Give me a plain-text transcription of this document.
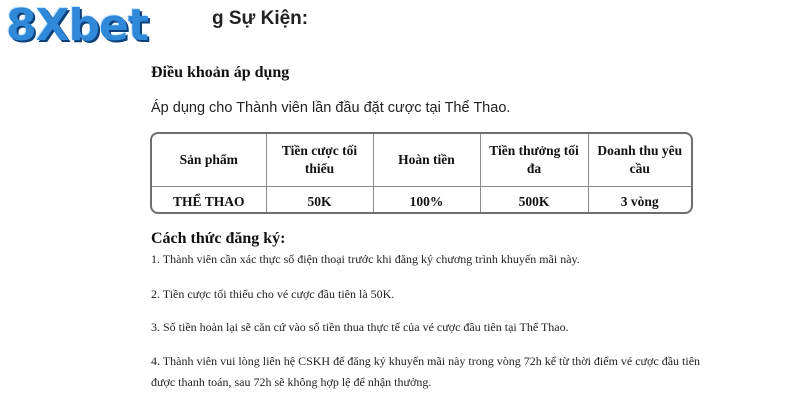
8Xbet	g Sự Kiện:
Điều khoản áp dụng
Áp dụng cho Thành viên lần đầu đặt cược tại Thể Thao.
Sản phẩm	Tiền cược tối thiểu	Hoàn tiền	Tiền thưởng tối đa	Doanh thu yêu cầu
THỂ THAO	50K	100%	500K	3 vòng
Cách thức đăng ký:
1. Thành viên cần xác thực số điện thoại trước khi đăng ký chương trình khuyến mãi này.
2. Tiền cược tối thiểu cho vé cược đầu tiên là 50K.
3. Số tiền hoàn lại sẽ căn cứ vào số tiền thua thực tế của vé cược đầu tiên tại Thể Thao.
4. Thành viên vui lòng liên hệ CSKH để đăng ký khuyến mãi này trong vòng 72h kể từ thời điểm vé cược đầu tiên được thanh toán, sau 72h sẽ không hợp lệ để nhận thưởng.
